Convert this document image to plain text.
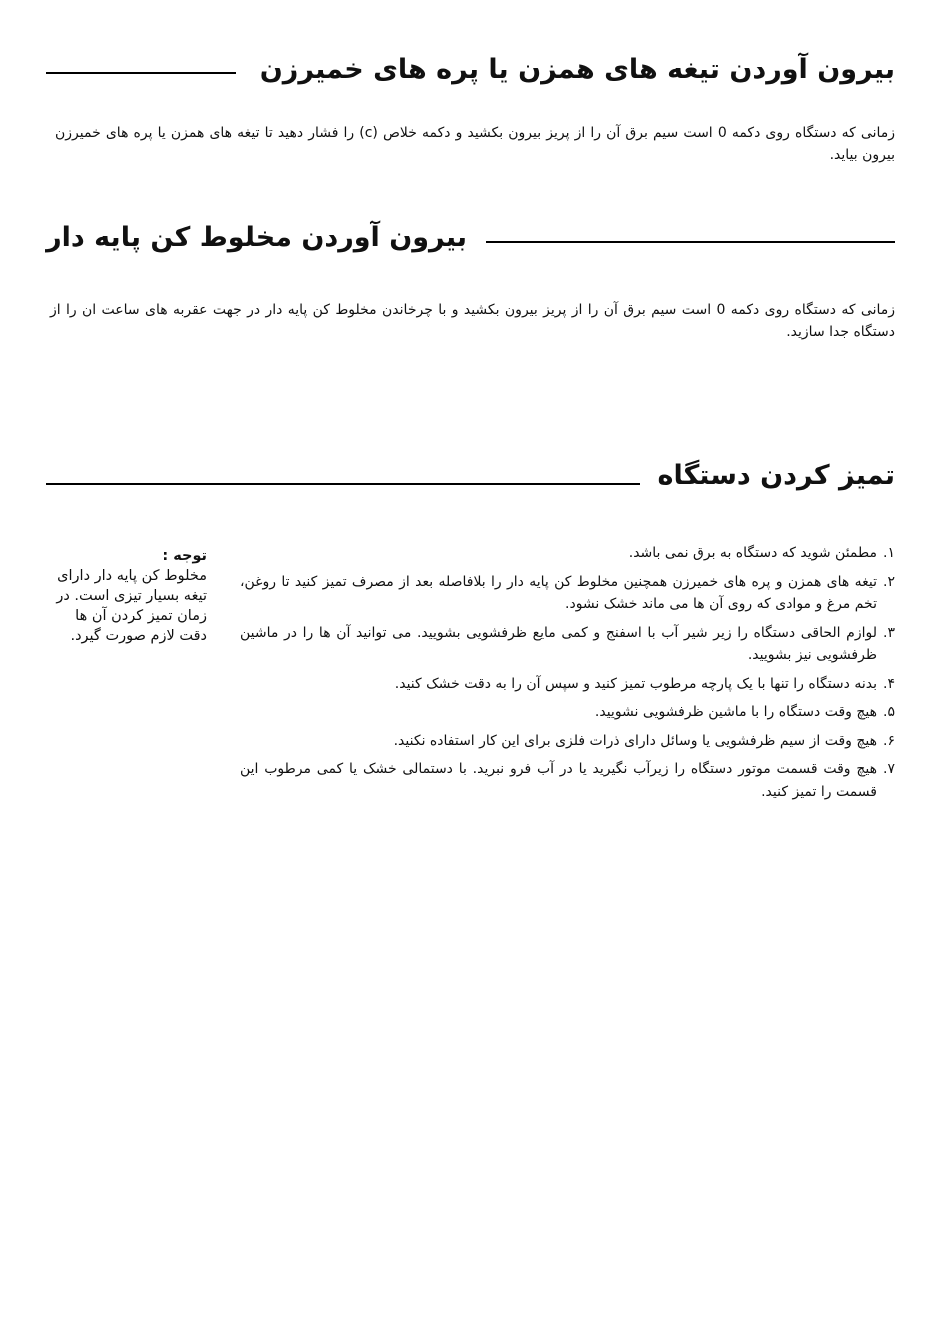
بیرون آوردن تیغه های همزن یا پره های خمیرزن
زمانی که دستگاه روی دکمه 0 است سیم برق آن را از پریز بیرون بکشید و دکمه خلاص (c) را فشار دهید تا تیغه های همزن یا پره های خمیرزن بیرون بیاید.
بیرون آوردن مخلوط کن پایه دار
زمانی که دستگاه روی دکمه 0 است سیم برق آن را از پریز بیرون بکشید و با چرخاندن مخلوط کن پایه دار در جهت عقربه های ساعت ان را از دستگاه جدا سازید.
تمیز کردن دستگاه
توجه :
مخلوط کن پایه دار دارای تیغه بسیار تیزی است. در زمان تمیز کردن آن ها دقت لازم صورت گیرد.
۱.
مطمئن شوید که دستگاه به برق نمی باشد.
۲.
تیغه های همزن و پره های خمیرزن همچنین مخلوط کن پایه دار را بلافاصله بعد از مصرف تمیز کنید تا روغن، تخم مرغ و موادی که روی آن ها می ماند خشک نشود.
۳.
لوازم الحاقی دستگاه را زیر شیر آب با اسفنج و کمی مایع ظرفشویی بشویید. می توانید آن ها را در ماشین ظرفشویی نیز بشویید.
۴.
بدنه دستگاه را تنها با یک پارچه مرطوب تمیز کنید و سپس آن را به دقت خشک کنید.
۵.
هیچ وقت دستگاه را با ماشین ظرفشویی نشویید.
۶.
هیچ وقت از سیم ظرفشویی یا وسائل دارای ذرات فلزی برای این کار استفاده نکنید.
۷.
هیچ وقت قسمت موتور دستگاه را زیرآب نگیرید یا در آب فرو نبرید. با دستمالی خشک یا کمی مرطوب این قسمت را تمیز کنید.
